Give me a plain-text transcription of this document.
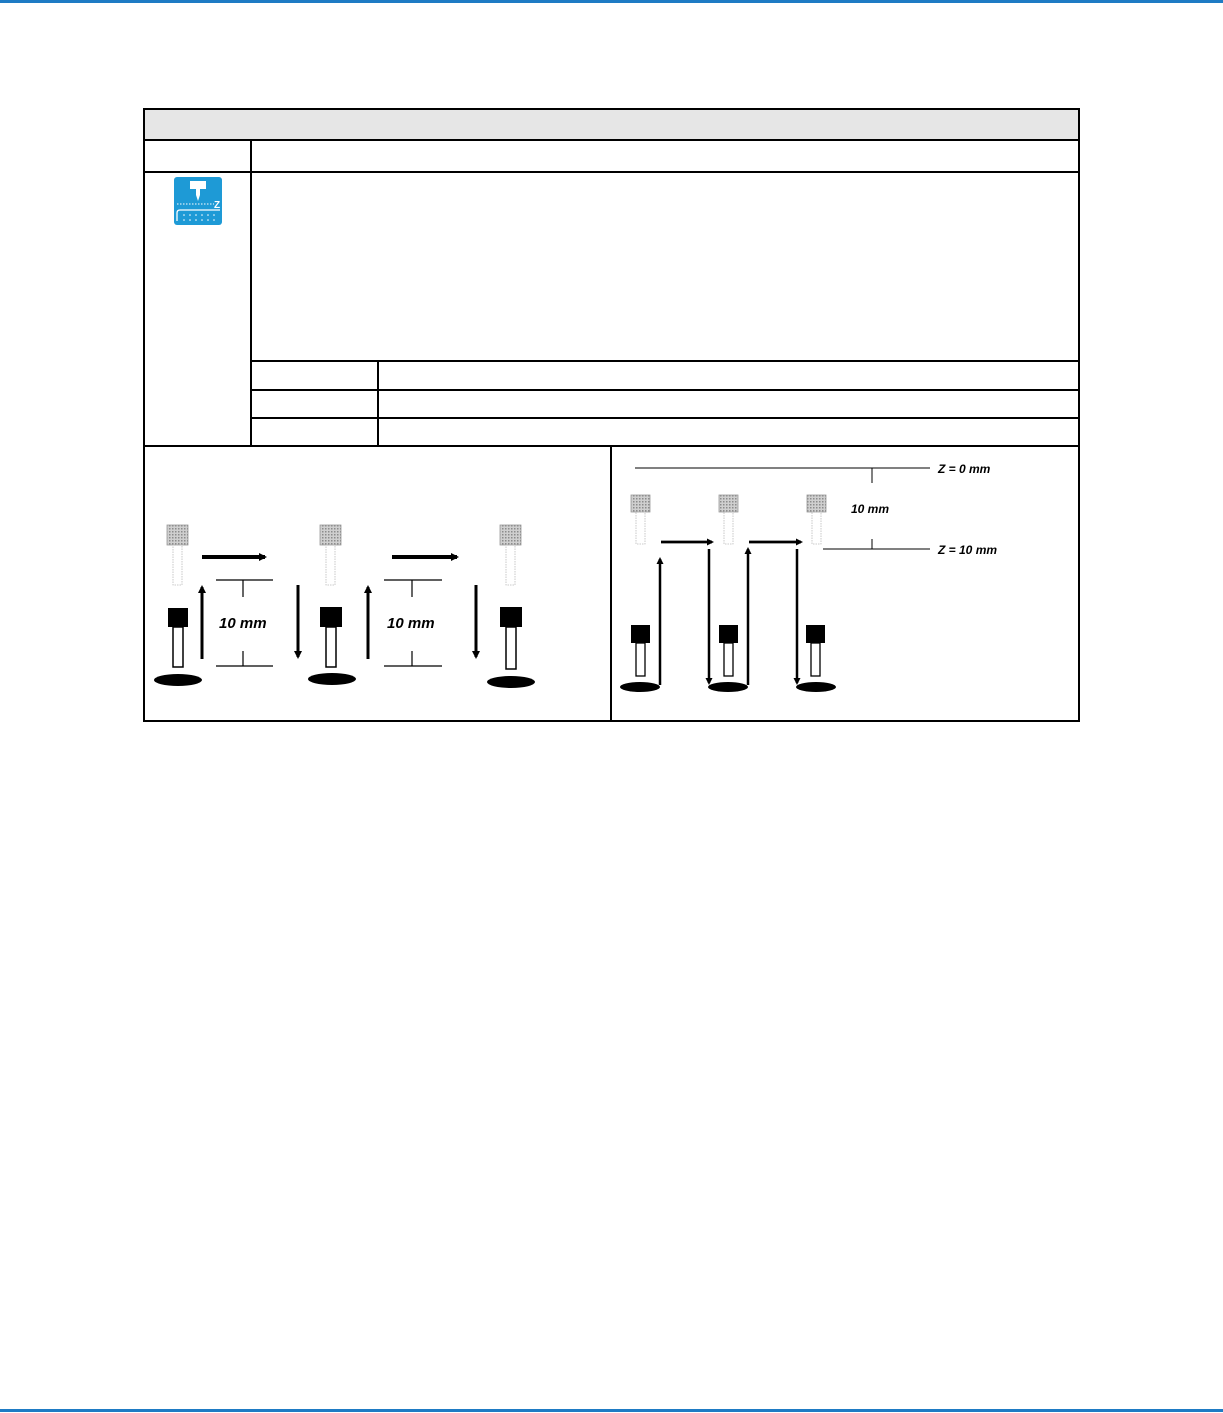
Z
10 mm	10 mm
Z = 0 mm
10 mm
Z = 10 mm
